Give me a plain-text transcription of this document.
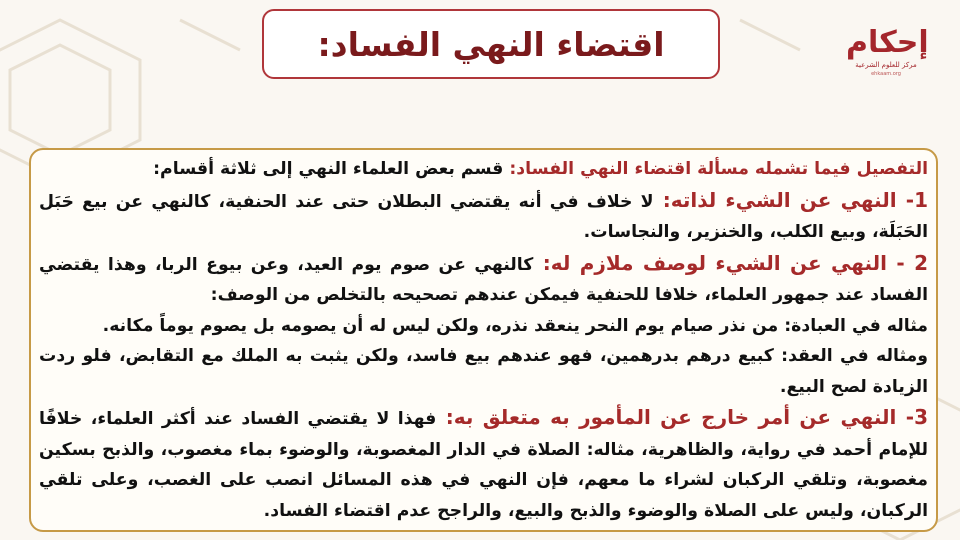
اقتضاء النهي الفساد:	إحكام
مركز للعلوم الشرعية
ehkaam.org

التفصيل فيما تشمله مسألة اقتضاء النهي الفساد: قسم بعض العلماء النهي إلى ثلاثة أقسام:
1- النهي عن الشيء لذاته: لا خلاف في أنه يقتضي البطلان حتى عند الحنفية، كالنهي عن بيع حَبَل الحَبَلَة، وبيع الكلب، والخنزير، والنجاسات.
2 - النهي عن الشيء لوصف ملازم له: كالنهي عن صوم يوم العيد، وعن بيوع الربا، وهذا يقتضي الفساد عند جمهور العلماء، خلافا للحنفية فيمكن عندهم تصحيحه بالتخلص من الوصف:
مثاله في العبادة: من نذر صيام يوم النحر ينعقد نذره، ولكن ليس له أن يصومه بل يصوم يوماً مكانه.
ومثاله في العقد: كبيع درهم بدرهمين، فهو عندهم بيع فاسد، ولكن يثبت به الملك مع التقابض، فلو ردت الزيادة لصح البيع.
3- النهي عن أمر خارج عن المأمور به متعلق به: فهذا لا يقتضي الفساد عند أكثر العلماء، خلافًا للإمام أحمد في رواية، والظاهرية، مثاله: الصلاة في الدار المغصوبة، والوضوء بماء مغصوب، والذبح بسكين مغصوبة، وتلقي الركبان لشراء ما معهم، فإن النهي في هذه المسائل انصب على الغصب، وعلى تلقي الركبان، وليس على الصلاة والوضوء والذبح والبيع، والراجح عدم اقتضاء الفساد.
